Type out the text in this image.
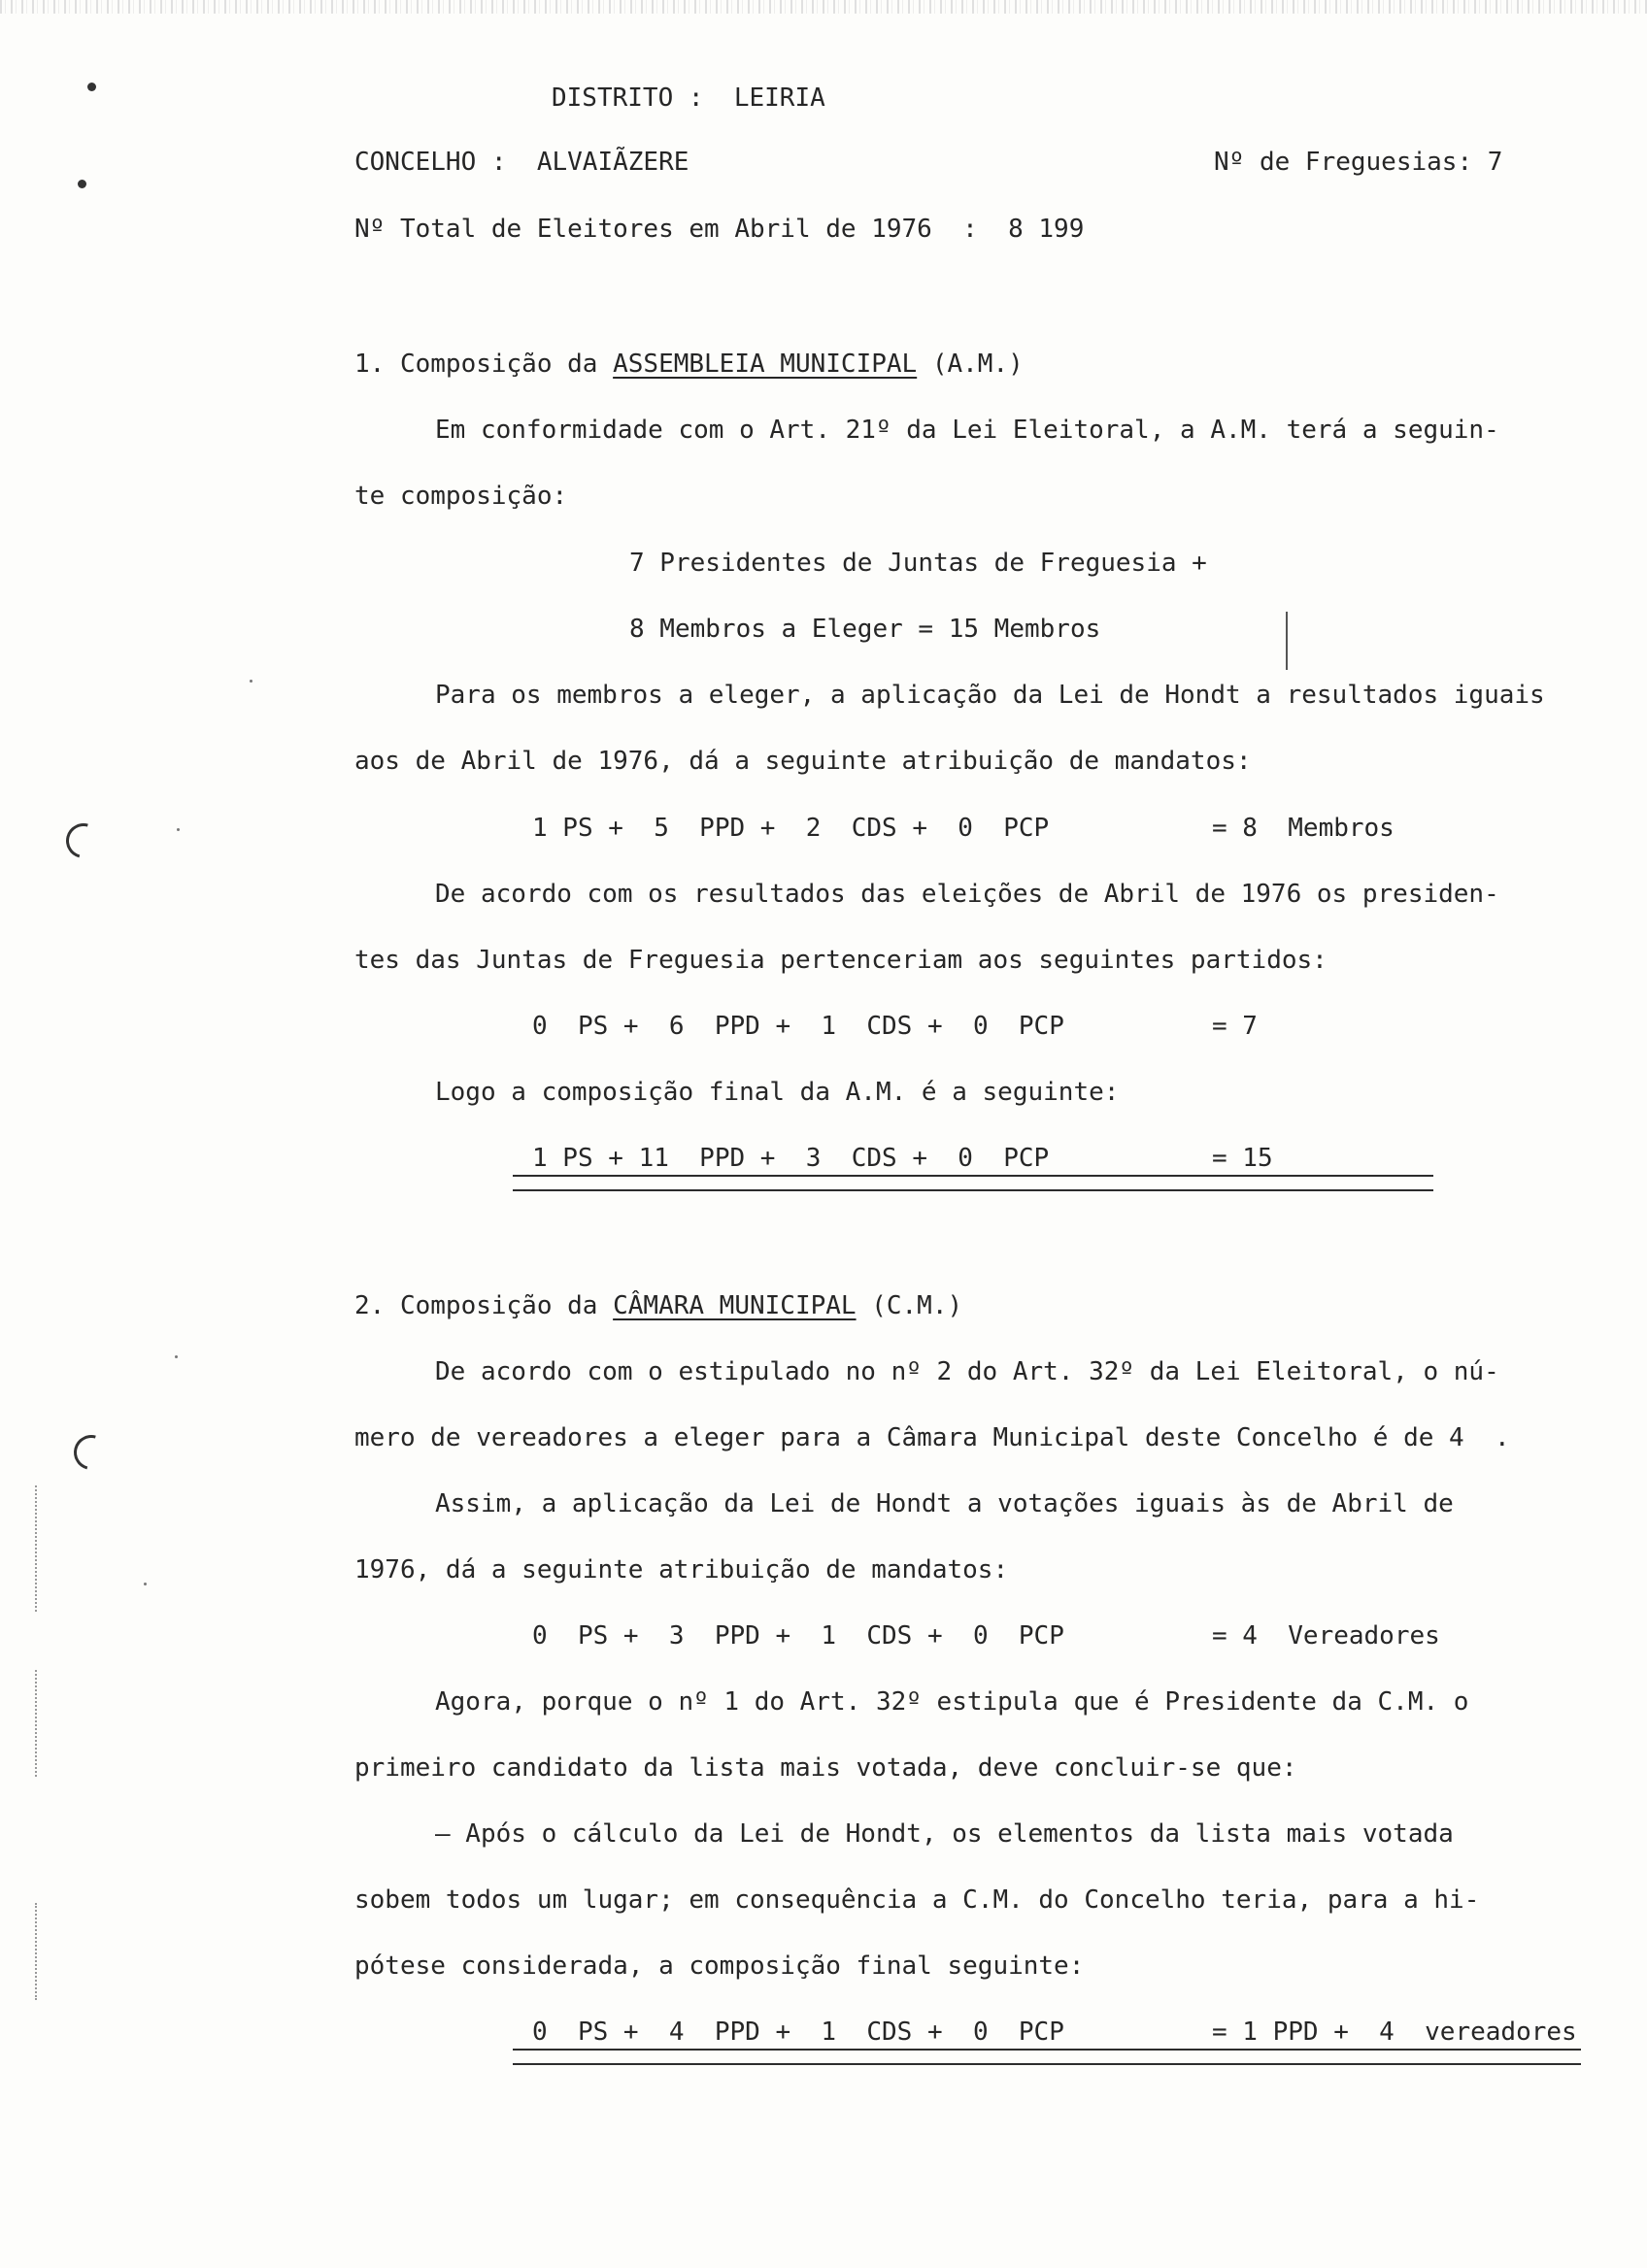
DISTRITO :  LEIRIA
CONCELHO :  ALVAIÃZERE	Nº de Freguesias: 7
Nº Total de Eleitores em Abril de 1976  :  8 199
1. Composição da ASSEMBLEIA MUNICIPAL (A.M.)
Em conformidade com o Art. 21º da Lei Eleitoral, a A.M. terá a seguin-
te composição:
7 Presidentes de Juntas de Freguesia +
8 Membros a Eleger = 15 Membros
Para os membros a eleger, a aplicação da Lei de Hondt a resultados iguais
aos de Abril de 1976, dá a seguinte atribuição de mandatos:
1 PS +  5  PPD +  2  CDS +  0  PCP	= 8  Membros
De acordo com os resultados das eleições de Abril de 1976 os presiden-
tes das Juntas de Freguesia pertenceriam aos seguintes partidos:
0  PS +  6  PPD +  1  CDS +  0  PCP	= 7
Logo a composição final da A.M. é a seguinte:
1 PS + 11  PPD +  3  CDS +  0  PCP	= 15
2. Composição da CÂMARA MUNICIPAL (C.M.)
De acordo com o estipulado no nº 2 do Art. 32º da Lei Eleitoral, o nú-
mero de vereadores a eleger para a Câmara Municipal deste Concelho é de 4  .
Assim, a aplicação da Lei de Hondt a votações iguais às de Abril de
1976, dá a seguinte atribuição de mandatos:
0  PS +  3  PPD +  1  CDS +  0  PCP	= 4  Vereadores
Agora, porque o nº 1 do Art. 32º estipula que é Presidente da C.M. o
primeiro candidato da lista mais votada, deve concluir-se que:
– Após o cálculo da Lei de Hondt, os elementos da lista mais votada
sobem todos um lugar; em consequência a C.M. do Concelho teria, para a hi-
pótese considerada, a composição final seguinte:
0  PS +  4  PPD +  1  CDS +  0  PCP	= 1 PPD +  4  vereadores
